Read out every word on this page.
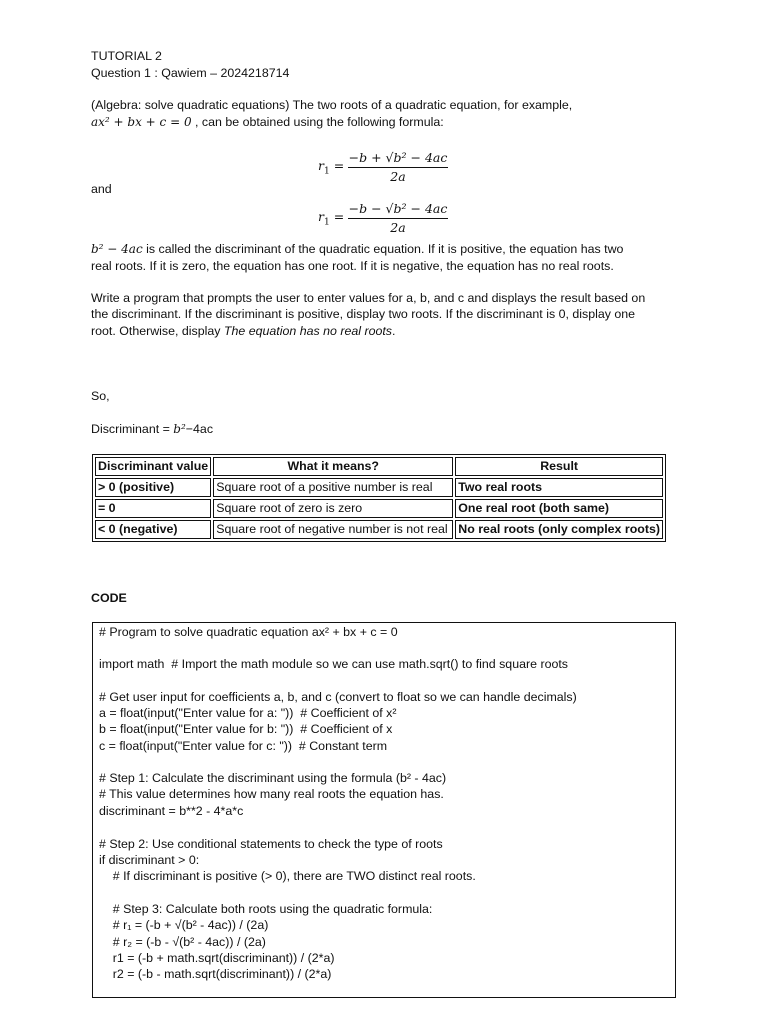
TUTORIAL 2
Question 1 : Qawiem – 2024218714
(Algebra: solve quadratic equations) The two roots of a quadratic equation, for example,
ax² + bx + c = 0 , can be obtained using the following formula:
$r_1$ =
−b + √b² − 4ac
2a
and
$r_1$ =
−b − √b² − 4ac
2a
b² − 4ac is called the discriminant of the quadratic equation. If it is positive, the equation has two
real roots. If it is zero, the equation has one root. If it is negative, the equation has no real roots.
Write a program that prompts the user to enter values for a, b, and c and displays the result based on
the discriminant. If the discriminant is positive, display two roots. If the discriminant is 0, display one
root. Otherwise, display The equation has no real roots.
So,
Discriminant = b²−4ac
Discriminant value	What it means?	Result
> 0 (positive)	Square root of a positive number is real	Two real roots
= 0	Square root of zero is zero	One real root (both same)
< 0 (negative)	Square root of negative number is not real	No real roots (only complex roots)
CODE
# Program to solve quadratic equation ax² + bx + c = 0
import math  # Import the math module so we can use math.sqrt() to find square roots
# Get user input for coefficients a, b, and c (convert to float so we can handle decimals)
a = float(input("Enter value for a: "))  # Coefficient of x²
b = float(input("Enter value for b: "))  # Coefficient of x
c = float(input("Enter value for c: "))  # Constant term
# Step 1: Calculate the discriminant using the formula (b² - 4ac)
# This value determines how many real roots the equation has.
discriminant = b**2 - 4*a*c
# Step 2: Use conditional statements to check the type of roots
if discriminant > 0:
# If discriminant is positive (> 0), there are TWO distinct real roots.
# Step 3: Calculate both roots using the quadratic formula:
# r₁ = (-b + √(b² - 4ac)) / (2a)
# r₂ = (-b - √(b² - 4ac)) / (2a)
r1 = (-b + math.sqrt(discriminant)) / (2*a)
r2 = (-b - math.sqrt(discriminant)) / (2*a)
